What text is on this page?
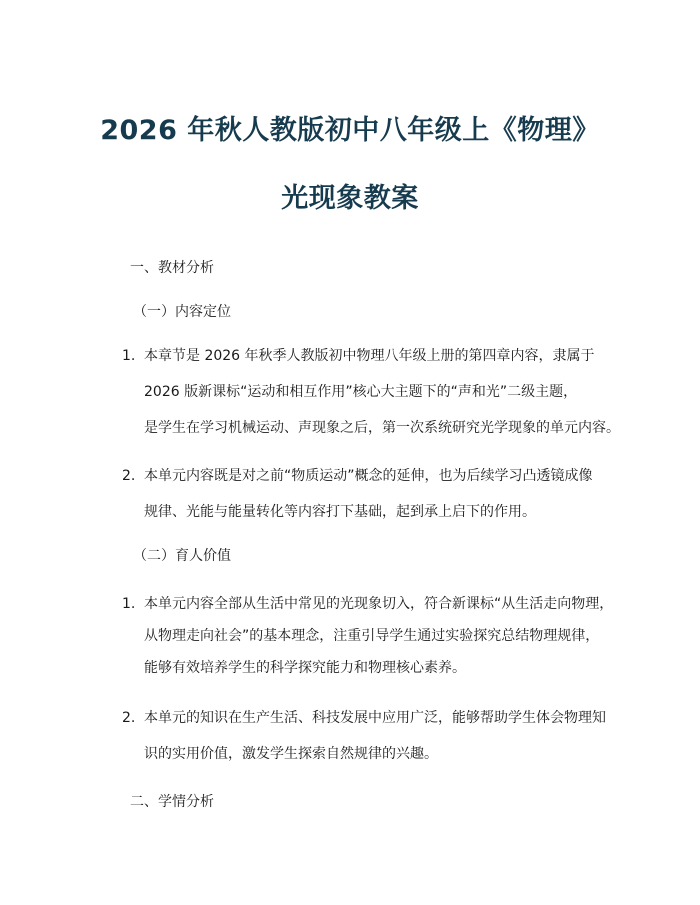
2026 年秋人教版初中八年级上《物理》
光现象教案
一、教材分析
（一）内容定位
1. 本章节是 2026 年秋季人教版初中物理八年级上册的第四章内容，隶属于
2026 版新课标“运动和相互作用”核心大主题下的“声和光”二级主题，
是学生在学习机械运动、声现象之后，第一次系统研究光学现象的单元内容。
2. 本单元内容既是对之前“物质运动”概念的延伸，也为后续学习凸透镜成像
规律、光能与能量转化等内容打下基础，起到承上启下的作用。
（二）育人价值
1. 本单元内容全部从生活中常见的光现象切入，符合新课标“从生活走向物理，
从物理走向社会”的基本理念，注重引导学生通过实验探究总结物理规律，
能够有效培养学生的科学探究能力和物理核心素养。
2. 本单元的知识在生产生活、科技发展中应用广泛，能够帮助学生体会物理知
识的实用价值，激发学生探索自然规律的兴趣。
二、学情分析
